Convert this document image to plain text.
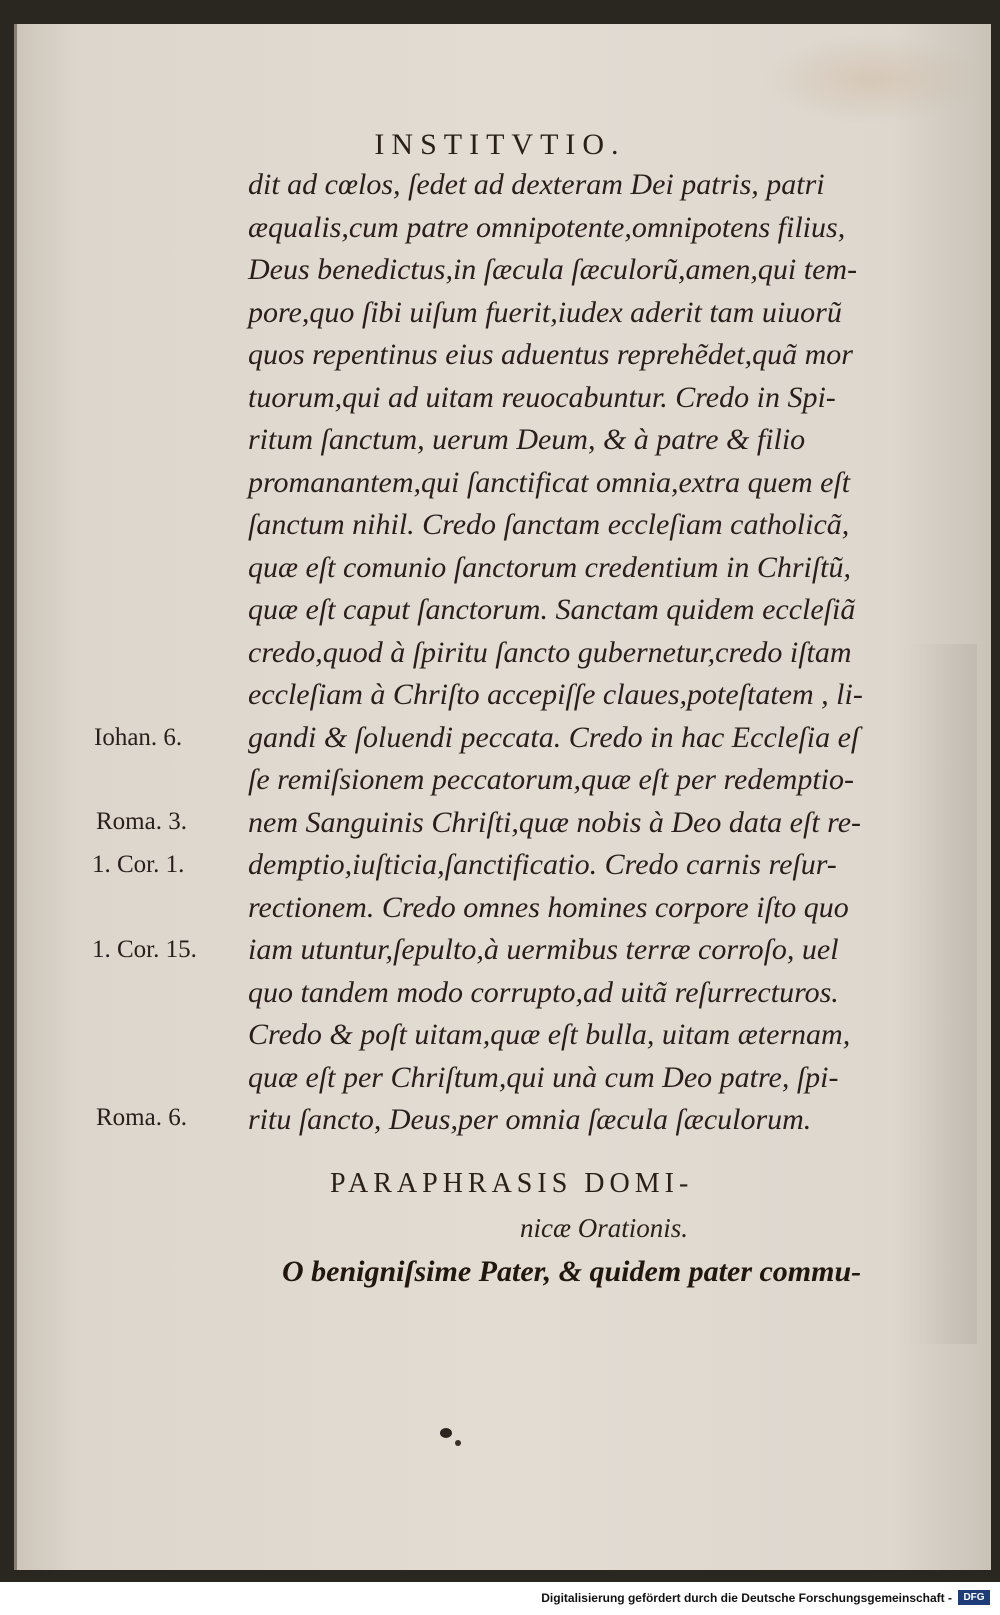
INSTITVTIO.
dit ad cœlos, ſedet ad dexteram Dei patris, patri
æqualis,cum patre omnipotente,omnipotens filius,
Deus benedictus,in ſæcula ſæculorũ,amen,qui tem-
pore,quo ſibi uiſum fuerit,iudex aderit tam uiuorũ
quos repentinus eius aduentus reprehẽdet,quã mor
tuorum,qui ad uitam reuocabuntur. Credo in Spi-
ritum ſanctum, uerum Deum, & à patre & filio
promanantem,qui ſanctificat omnia,extra quem eſt
ſanctum nihil. Credo ſanctam eccleſiam catholicã,
quæ eſt comunio ſanctorum credentium in Chriſtũ,
quæ eſt caput ſanctorum. Sanctam quidem eccleſiã
credo,quod à ſpiritu ſancto gubernetur,credo iſtam
eccleſiam à Chriſto accepiſſe claues,poteſtatem , li-
gandi & ſoluendi peccata. Credo in hac Eccleſia eſ
ſe remiſsionem peccatorum,quæ eſt per redemptio-
nem Sanguinis Chriſti,quæ nobis à Deo data eſt re-
demptio,iuſticia,ſanctificatio. Credo carnis reſur-
rectionem. Credo omnes homines corpore iſto quo
iam utuntur,ſepulto,à uermibus terræ corroſo, uel
quo tandem modo corrupto,ad uitã reſurrecturos.
Credo & poſt uitam,quæ eſt bulla, uitam æternam,
quæ eſt per Chriſtum,qui unà cum Deo patre, ſpi-
ritu ſancto, Deus,per omnia ſæcula ſæculorum.
Iohan. 6.
Roma. 3.
1. Cor. 1.
1. Cor. 15.
Roma. 6.
PARAPHRASIS DOMI-
nicæ Orationis.
O benigniſsime Pater, & quidem pater commu-
Digitalisierung gefördert durch die Deutsche Forschungsgemeinschaft -	DFG
